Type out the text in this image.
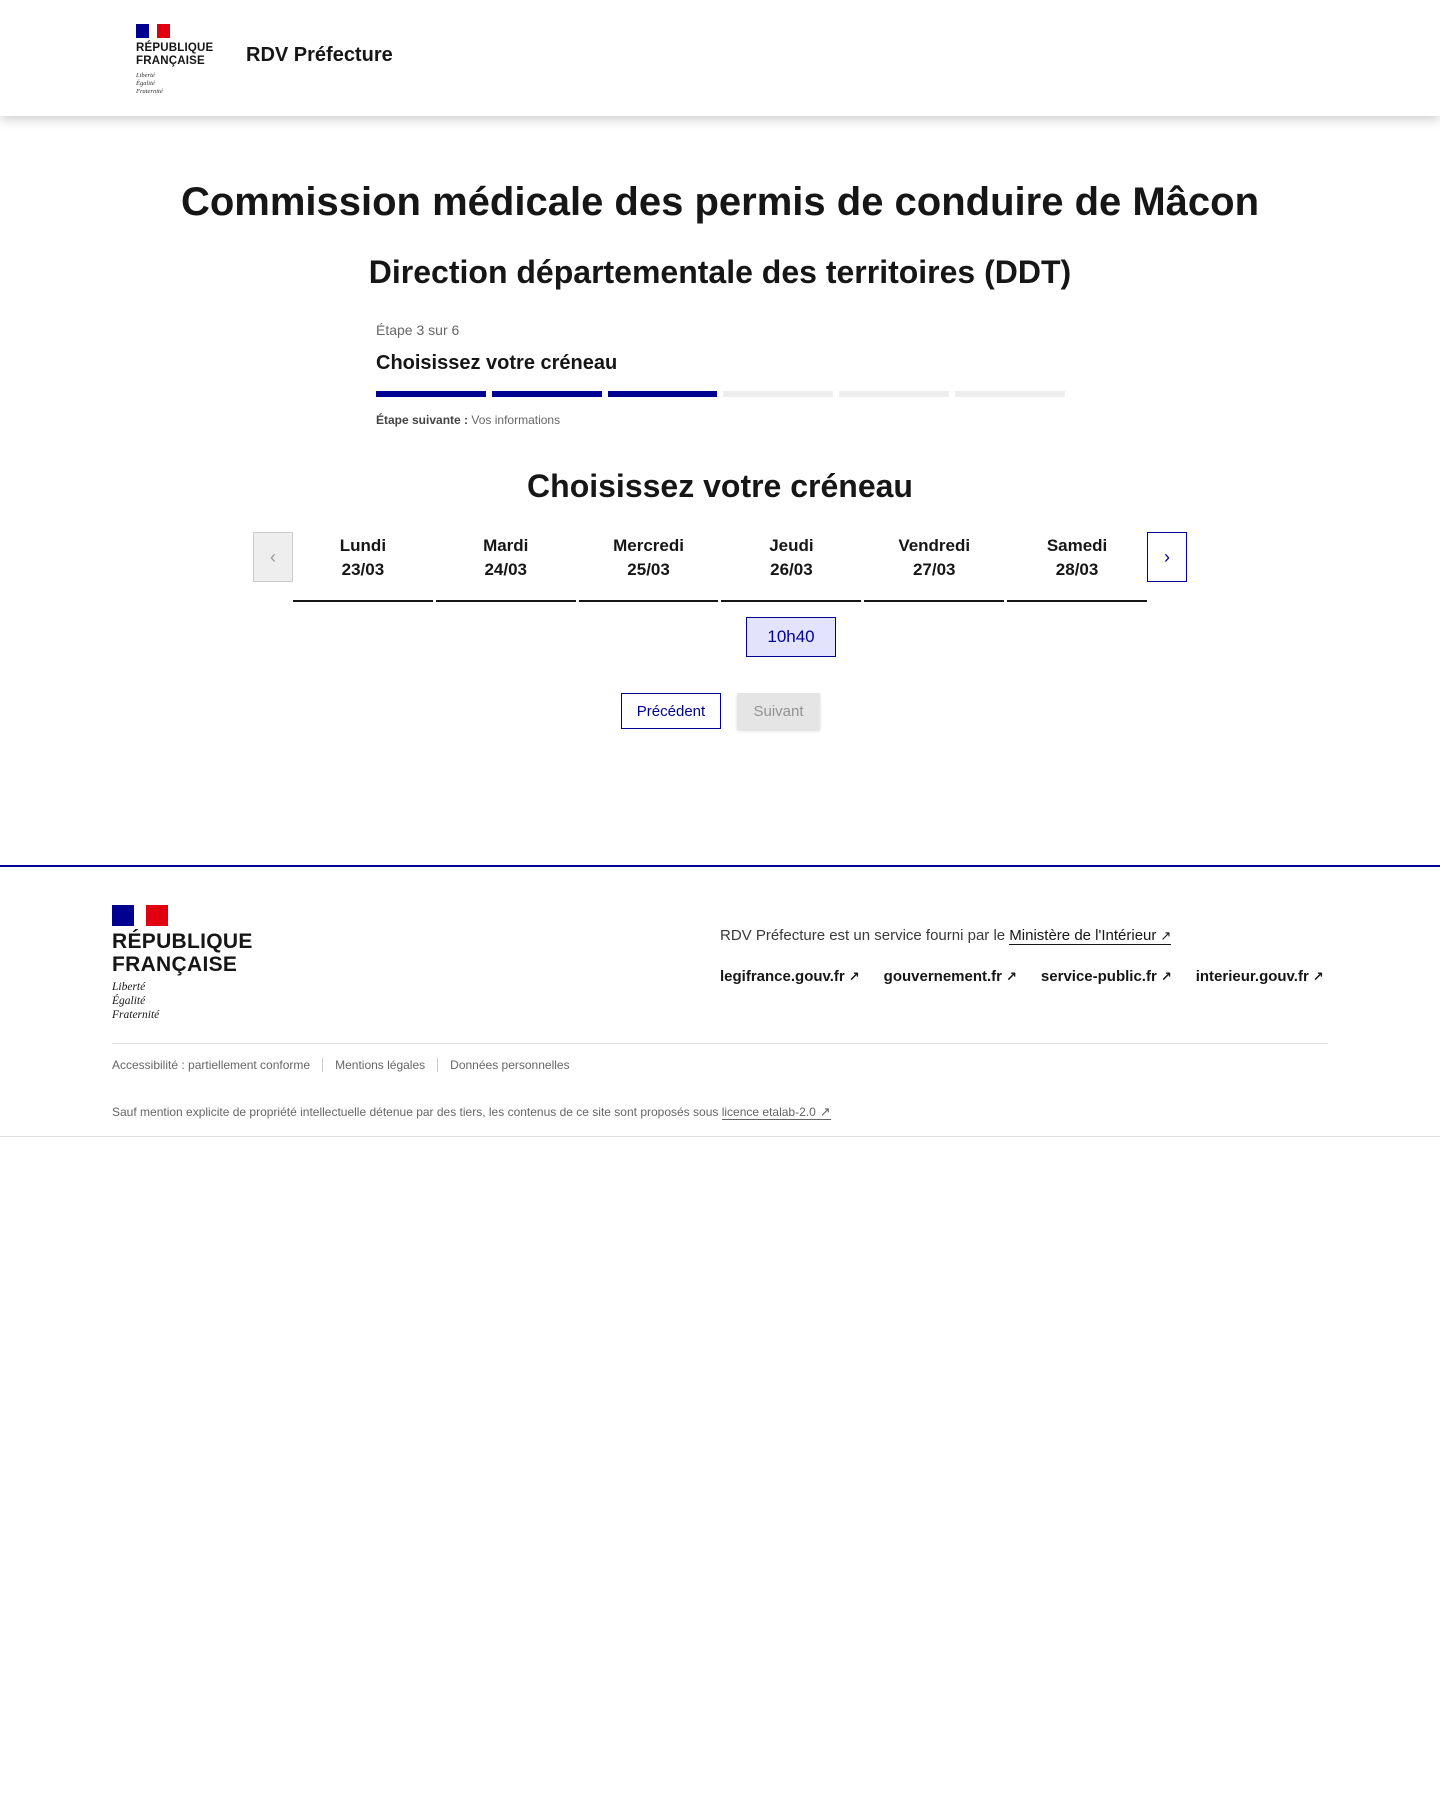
RÉPUBLIQUE FRANÇAISE
Liberté
Égalité
Fraternité
RDV Préfecture
Commission médicale des permis de conduire de Mâcon
Direction départementale des territoires (DDT)
Étape 3 sur 6
Choisissez votre créneau
Étape suivante : Vos informations
Choisissez votre créneau
‹
Lundi
23/03
Mardi
24/03
Mercredi
25/03
Jeudi
26/03
Vendredi
27/03
Samedi
28/03
›
10h40
Précédent	Suivant
RÉPUBLIQUE FRANÇAISE
Liberté
Égalité
Fraternité
RDV Préfecture est un service fourni par le Ministère de l'Intérieur ↗
legifrance.gouv.fr ↗ gouvernement.fr ↗ service-public.fr ↗ interieur.gouv.fr ↗
Accessibilité : partiellement conforme	Mentions légales	Données personnelles
Sauf mention explicite de propriété intellectuelle détenue par des tiers, les contenus de ce site sont proposés sous licence etalab-2.0 ↗
